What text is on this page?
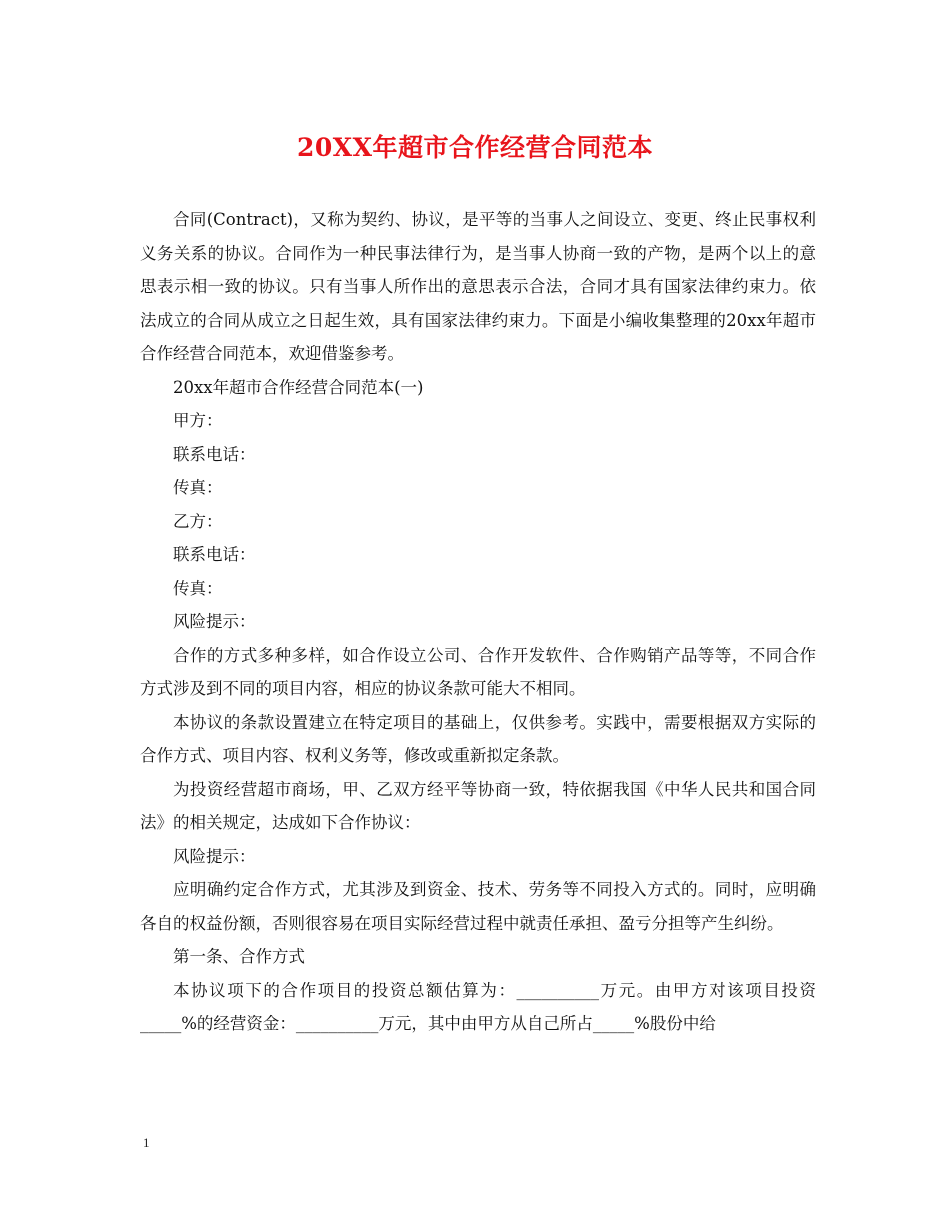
20XX年超市合作经营合同范本

合同(Contract)，又称为契约、协议，是平等的当事人之间设立、变更、终止民事权利义务关系的协议。合同作为一种民事法律行为，是当事人协商一致的产物，是两个以上的意思表示相一致的协议。只有当事人所作出的意思表示合法，合同才具有国家法律约束力。依法成立的合同从成立之日起生效，具有国家法律约束力。下面是小编收集整理的20xx年超市合作经营合同范本，欢迎借鉴参考。

20xx年超市合作经营合同范本(一)

甲方：

联系电话：

传真：

乙方：

联系电话：

传真：

风险提示：

合作的方式多种多样，如合作设立公司、合作开发软件、合作购销产品等等，不同合作方式涉及到不同的项目内容，相应的协议条款可能大不相同。

本协议的条款设置建立在特定项目的基础上，仅供参考。实践中，需要根据双方实际的合作方式、项目内容、权利义务等，修改或重新拟定条款。

为投资经营超市商场，甲、乙双方经平等协商一致，特依据我国《中华人民共和国合同法》的相关规定，达成如下合作协议：

风险提示：

应明确约定合作方式，尤其涉及到资金、技术、劳务等不同投入方式的。同时，应明确各自的权益份额，否则很容易在项目实际经营过程中就责任承担、盈亏分担等产生纠纷。

第一条、合作方式

本协议项下的合作项目的投资总额估算为：__________万元。由甲方对该项目投资_____%的经营资金：__________万元，其中由甲方从自己所占_____%股份中给

1
